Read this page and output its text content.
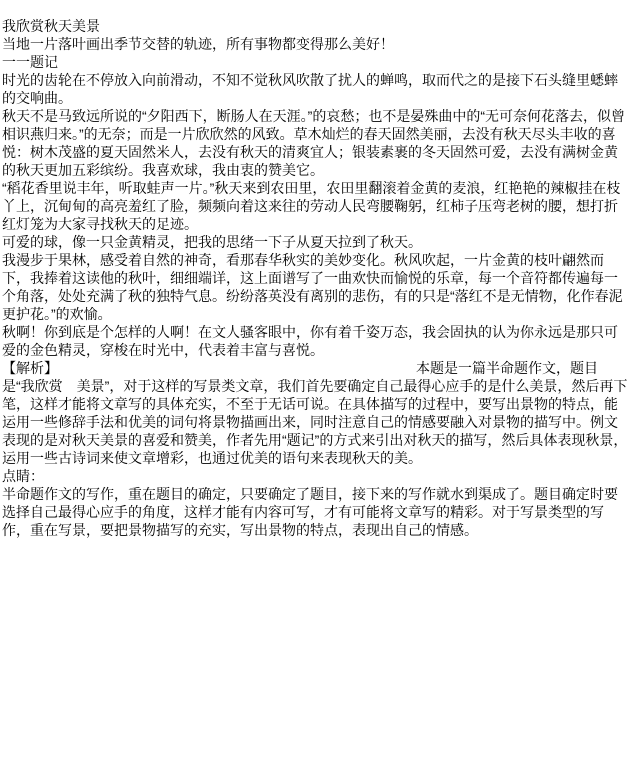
我欣赏秋天美景

当地一片落叶画出季节交替的轨迹，所有事物都变得那么美好！

一一题记

时光的齿轮在不停放入向前滑动，不知不觉秋风吹散了扰人的蝉鸣，取而代之的是接下石头缝里蟋蟀的交响曲。

秋天不是马致远所说的“夕阳西下，断肠人在天涯。”的哀愁；也不是晏殊曲中的“无可奈何花落去，似曾相识燕归来。”的无奈；而是一片欣欣然的风致。草木灿烂的春天固然美丽，去没有秋天尽头丰收的喜悦：树木茂盛的夏天固然米人，去没有秋天的清爽宜人；银装素裹的冬天固然可爱，去没有满树金黄的秋天更加五彩缤纷。我喜欢球，我由衷的赞美它。

“稻花香里说丰年，听取蛙声一片。”秋天来到农田里，农田里翻滚着金黄的麦浪，红艳艳的辣椒挂在枝丫上，沉甸甸的高亮羞红了脸，频频向着这来往的劳动人民弯腰鞠躬，红柿子压弯老树的腰，想打折红灯笼为大家寻找秋天的足迹。

可爱的球，像一只金黄精灵，把我的思绪一下子从夏天拉到了秋天。

我漫步于果林，感受着自然的神奇，看那春华秋实的美妙变化。秋风吹起，一片金黄的枝叶翩然而下，我捧着这读他的秋叶，细细端详，这上面谱写了一曲欢快而愉悦的乐章，每一个音符都传遍每一个角落，处处充满了秋的独特气息。纷纷落英没有离别的悲伤，有的只是“落红不是无情物，化作春泥更护花。”的欢愉。

秋啊！你到底是个怎样的人啊！在文人骚客眼中，你有着千姿万态，我会固执的认为你永远是那只可爱的金色精灵，穿梭在时光中，代表着丰富与喜悦。

【解析】	本题是一篇半命题作文，题目是“我欣赏　美景”，对于这样的写景类文章，我们首先要确定自己最得心应手的是什么美景，然后再下笔，这样才能将文章写的具体充实，不至于无话可说。在具体描写的过程中，要写出景物的特点，能运用一些修辞手法和优美的词句将景物描画出来，同时注意自己的情感要融入对景物的描写中。例文表现的是对秋天美景的喜爱和赞美，作者先用“题记”的方式来引出对秋天的描写，然后具体表现秋景，运用一些古诗词来使文章增彩，也通过优美的语句来表现秋天的美。

点睛：

半命题作文的写作，重在题目的确定，只要确定了题目，接下来的写作就水到渠成了。题目确定时要选择自己最得心应手的角度，这样才能有内容可写，才有可能将文章写的精彩。对于写景类型的写作，重在写景，要把景物描写的充实，写出景物的特点，表现出自己的情感。
